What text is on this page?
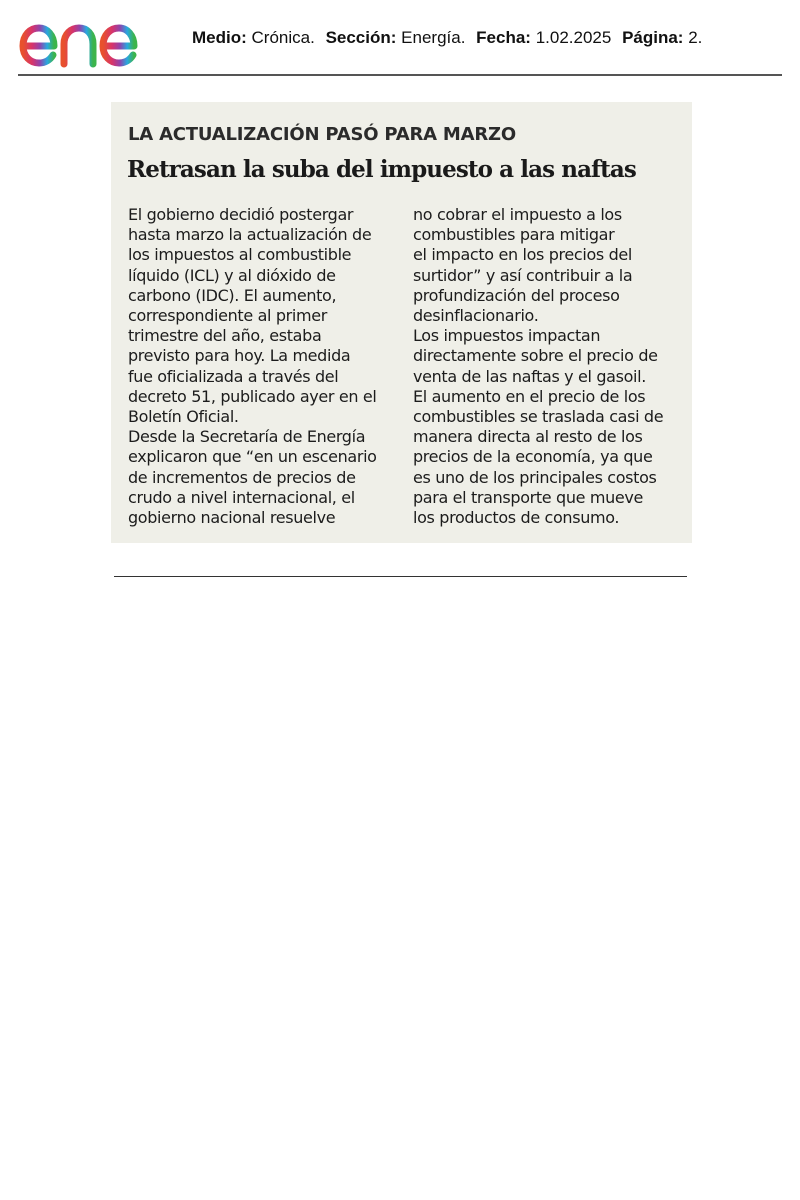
Medio: Crónica. Sección: Energía. Fecha: 1.02.2025 Página: 2.
LA ACTUALIZACIÓN PASÓ PARA MARZO
Retrasan la suba del impuesto a las naftas

El gobierno decidió postergar

hasta marzo la actualización de

los impuestos al combustible

líquido (ICL) y al dióxido de

carbono (IDC). El aumento,

correspondiente al primer

trimestre del año, estaba

previsto para hoy. La medida

fue oficializada a través del

decreto 51, publicado ayer en el

Boletín Oficial.

Desde la Secretaría de Energía

explicaron que “en un escenario

de incrementos de precios de

crudo a nivel internacional, el

gobierno nacional resuelve

no cobrar el impuesto a los

combustibles para mitigar

el impacto en los precios del

surtidor” y así contribuir a la

profundización del proceso

desinflacionario.

Los impuestos impactan

directamente sobre el precio de

venta de las naftas y el gasoil.

El aumento en el precio de los

combustibles se traslada casi de

manera directa al resto de los

precios de la economía, ya que

es uno de los principales costos

para el transporte que mueve

los productos de consumo.
